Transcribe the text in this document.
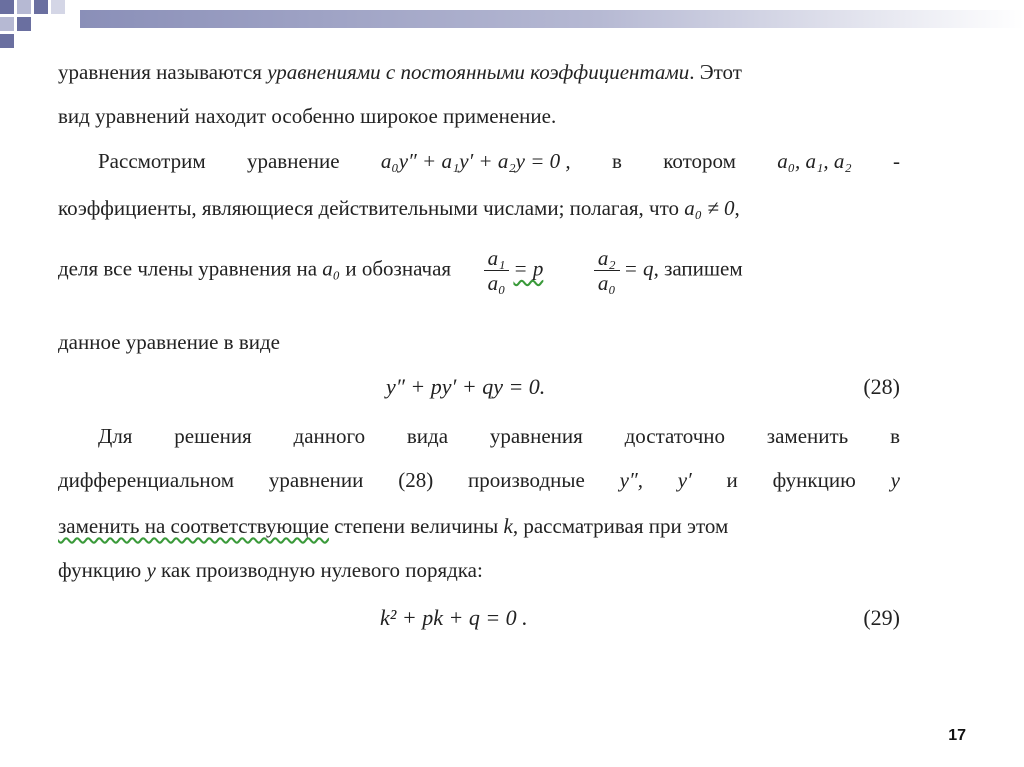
уравнения называются уравнениями с постоянными коэффициентами. Этот
вид уравнений находит особенно широкое применение.
Рассмотрим уравнение a₀y″ + a₁y′ + a₂y = 0 , в котором a₀, a₁, a₂ -
коэффициенты, являющиеся действительными числами; полагая, что a₀ ≠ 0,
деля все члены уравнения на a₀ и обозначая $\frac{\text{a₁}}{\text{a₀}} = p \frac{\text{a₂}}{\text{a₀}} = q$, запишем
данное уравнение в виде
y″ + py′ + qy = 0.	(28)
Для решения данного вида уравнения достаточно заменить в
дифференциальном уравнении (28) производные y″, y′ и функцию y
заменить на соответствующие степени величины k, рассматривая при этом
функцию y как производную нулевого порядка:
k² + pk + q = 0 .	(29)
17
